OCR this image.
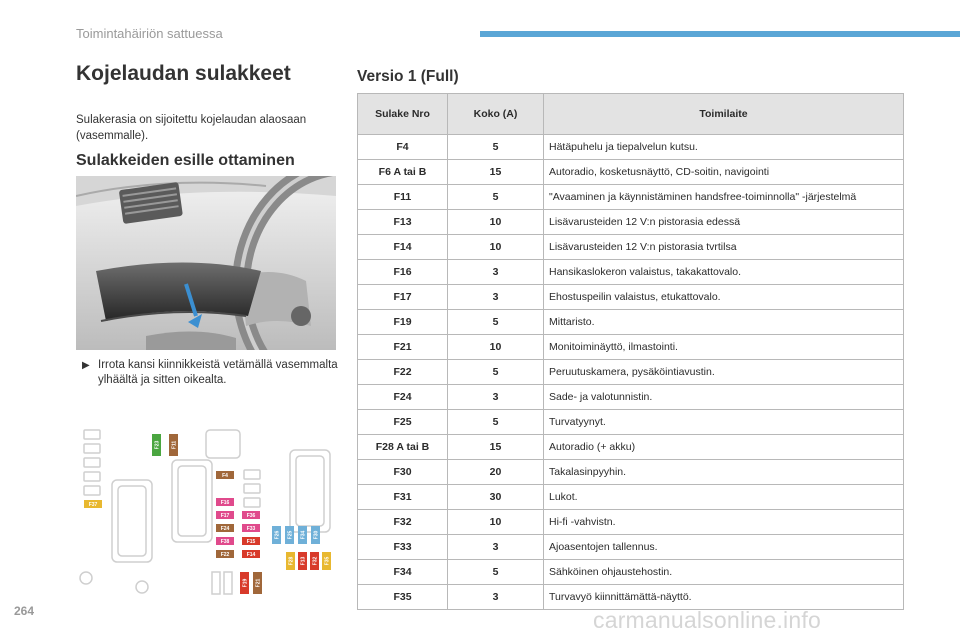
Toimintahäiriön sattuessa
Kojelaudan sulakkeet

Sulakerasia on sijoitettu kojelaudan alaosaan (vasemmalle).

Sulakkeiden esille ottaminen
▶ Irrota kansi kiinnikkeistä vetämällä vasemmalta ylhäältä ja sitten oikealta.
F23 F11
F4
F16
F17
F24
F38
F22
F36
F33
F15
F14
F26 F25 F34 F30
F28 F13 F32 F35
F19 F21
F37
Versio 1 (Full)
Sulake Nro	Koko (A)	Toimilaite
F4	5	Hätäpuhelu ja tiepalvelun kutsu.
F6 A tai B	15	Autoradio, kosketusnäyttö, CD-soitin, navigointi
F11	5	"Avaaminen ja käynnistäminen handsfree-toiminnolla" -järjestelmä
F13	10	Lisävarusteiden 12 V:n pistorasia edessä
F14	10	Lisävarusteiden 12 V:n pistorasia tvrtilsa
F16	3	Hansikaslokeron valaistus, takakattovalo.
F17	3	Ehostuspeilin valaistus, etukattovalo.
F19	5	Mittaristo.
F21	10	Monitoiminäyttö, ilmastointi.
F22	5	Peruutuskamera, pysäköintiavustin.
F24	3	Sade- ja valotunnistin.
F25	5	Turvatyynyt.
F28 A tai B	15	Autoradio (+ akku)
F30	20	Takalasinpyyhin.
F31	30	Lukot.
F32	10	Hi-fi -vahvistn.
F33	3	Ajoasentojen tallennus.
F34	5	Sähköinen ohjaustehostin.
F35	3	Turvavyö kiinnittämättä-näyttö.
264	carmanualsonline.info
